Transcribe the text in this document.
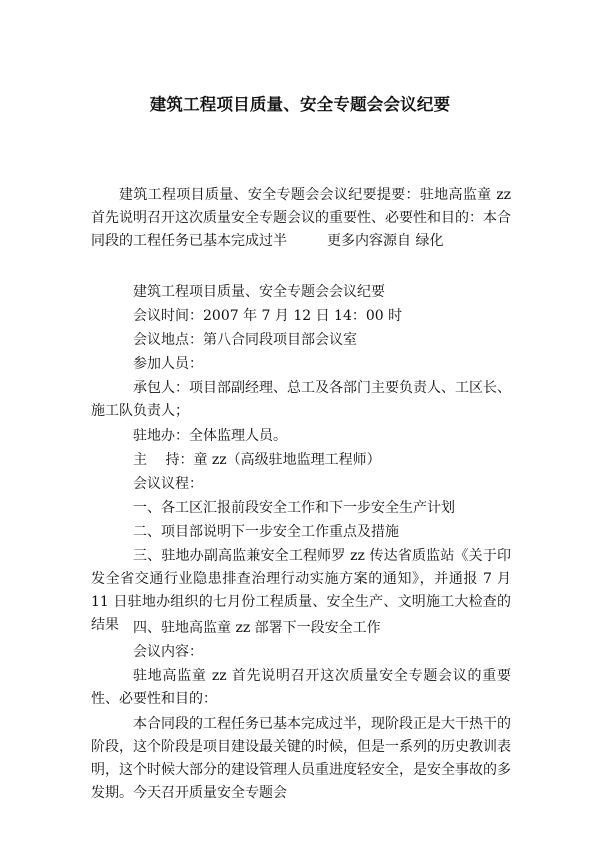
建筑工程项目质量、安全专题会会议纪要
建筑工程项目质量、安全专题会会议纪要提要：驻地高监童 zz 首先说明召开这次质量安全专题会议的重要性、必要性和目的：本合同段的工程任务已基本完成过半	更多内容源自 绿化
建筑工程项目质量、安全专题会会议纪要
会议时间：2007 年 7 月 12 日 14：00 时
会议地点：第八合同段项目部会议室
参加人员：
承包人：项目部副经理、总工及各部门主要负责人、工区长、施工队负责人；
驻地办：全体监理人员。
主　 持：童 zz（高级驻地监理工程师）
会议议程：
一、各工区汇报前段安全工作和下一步安全生产计划
二、项目部说明下一步安全工作重点及措施
三、驻地办副高监兼安全工程师罗 zz 传达省质监站《关于印发全省交通行业隐患排查治理行动实施方案的通知》，并通报 7 月 11 日驻地办组织的七月份工程质量、安全生产、文明施工大检查的结果	四、驻地高监童 zz 部署下一段安全工作
会议内容：
驻地高监童 zz 首先说明召开这次质量安全专题会议的重要性、必要性和目的：
本合同段的工程任务已基本完成过半，现阶段正是大干热干的阶段，这个阶段是项目建设最关键的时候，但是一系列的历史教训表明，这个时候大部分的建设管理人员重进度轻安全，是安全事故的多发期。今天召开质量安全专题会
